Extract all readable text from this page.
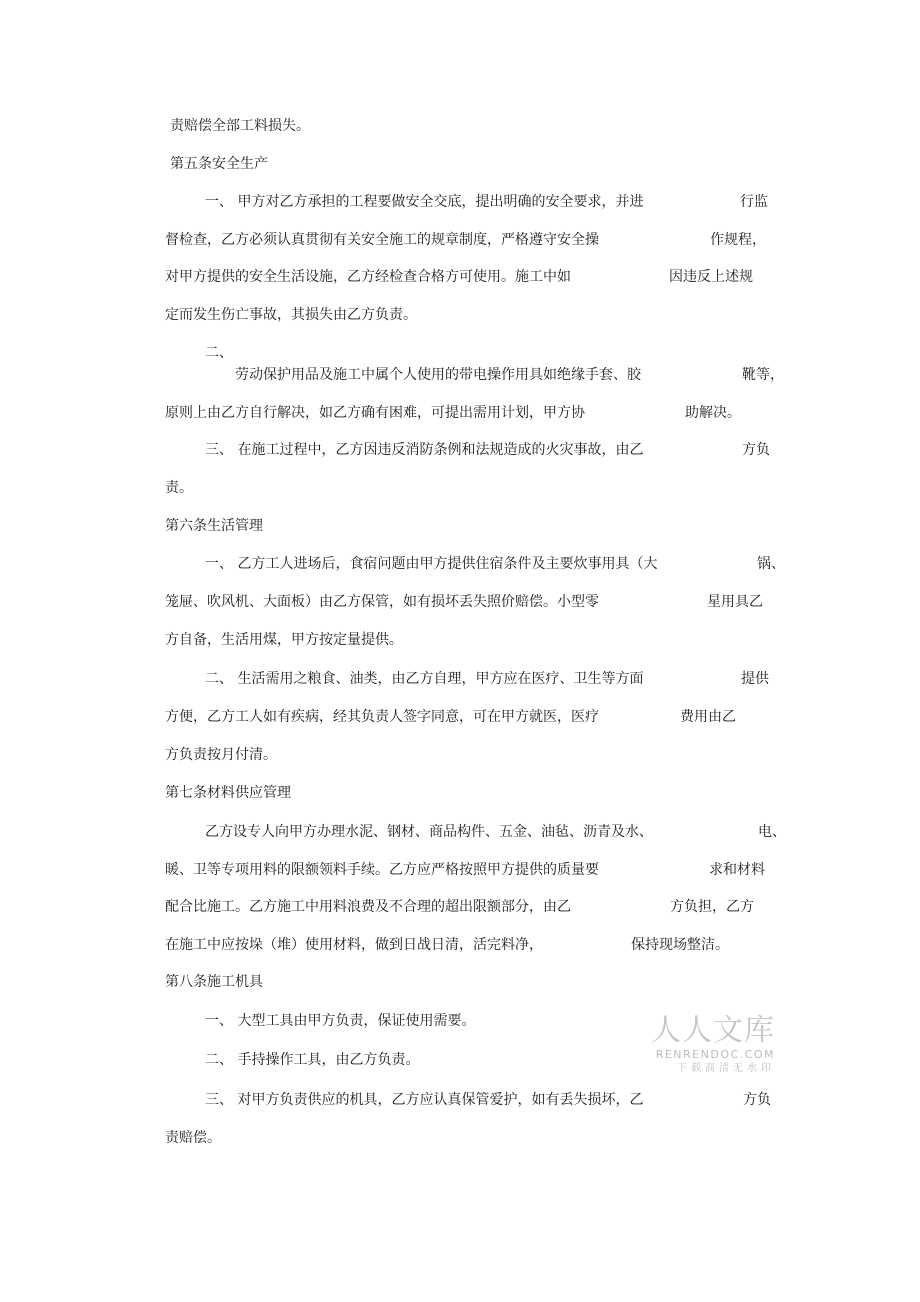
责赔偿全部工料损失。
第五条安全生产
一、 甲方对乙方承担的工程要做安全交底，提出明确的安全要求，并进	行监
督检查，乙方必须认真贯彻有关安全施工的规章制度，严格遵守安全操	作规程，
对甲方提供的安全生活设施，乙方经检查合格方可使用。施工中如	因违反上述规
定而发生伤亡事故，其损失由乙方负责。
二、
劳动保护用品及施工中属个人使用的带电操作用具如绝缘手套、胶	靴等，
原则上由乙方自行解决，如乙方确有困难，可提出需用计划，甲方协	助解决。
三、 在施工过程中，乙方因违反消防条例和法规造成的火灾事故，由乙	方负
责。
第六条生活管理
一、 乙方工人进场后，食宿问题由甲方提供住宿条件及主要炊事用具（大	锅、
笼屉、吹风机、大面板）由乙方保管，如有损坏丢失照价赔偿。小型零	星用具乙
方自备，生活用煤，甲方按定量提供。
二、 生活需用之粮食、油类，由乙方自理，甲方应在医疗、卫生等方面	提供
方便，乙方工人如有疾病，经其负责人签字同意，可在甲方就医，医疗	费用由乙
方负责按月付清。
第七条材料供应管理
乙方设专人向甲方办理水泥、钢材、商品构件、五金、油毡、沥青及水、	电、
暖、卫等专项用料的限额领料手续。乙方应严格按照甲方提供的质量要	求和材料
配合比施工。乙方施工中用料浪费及不合理的超出限额部分，由乙	方负担，乙方
在施工中应按垛（堆）使用材料，做到日战日清，活完料净，	保持现场整洁。
第八条施工机具
一、 大型工具由甲方负责，保证使用需要。
二、 手持操作工具，由乙方负责。
三、 对甲方负责供应的机具，乙方应认真保管爱护，如有丢失损坏，乙	方负
责赔偿。
人人文库
RENRENDOC.COM
下载高清无水印
